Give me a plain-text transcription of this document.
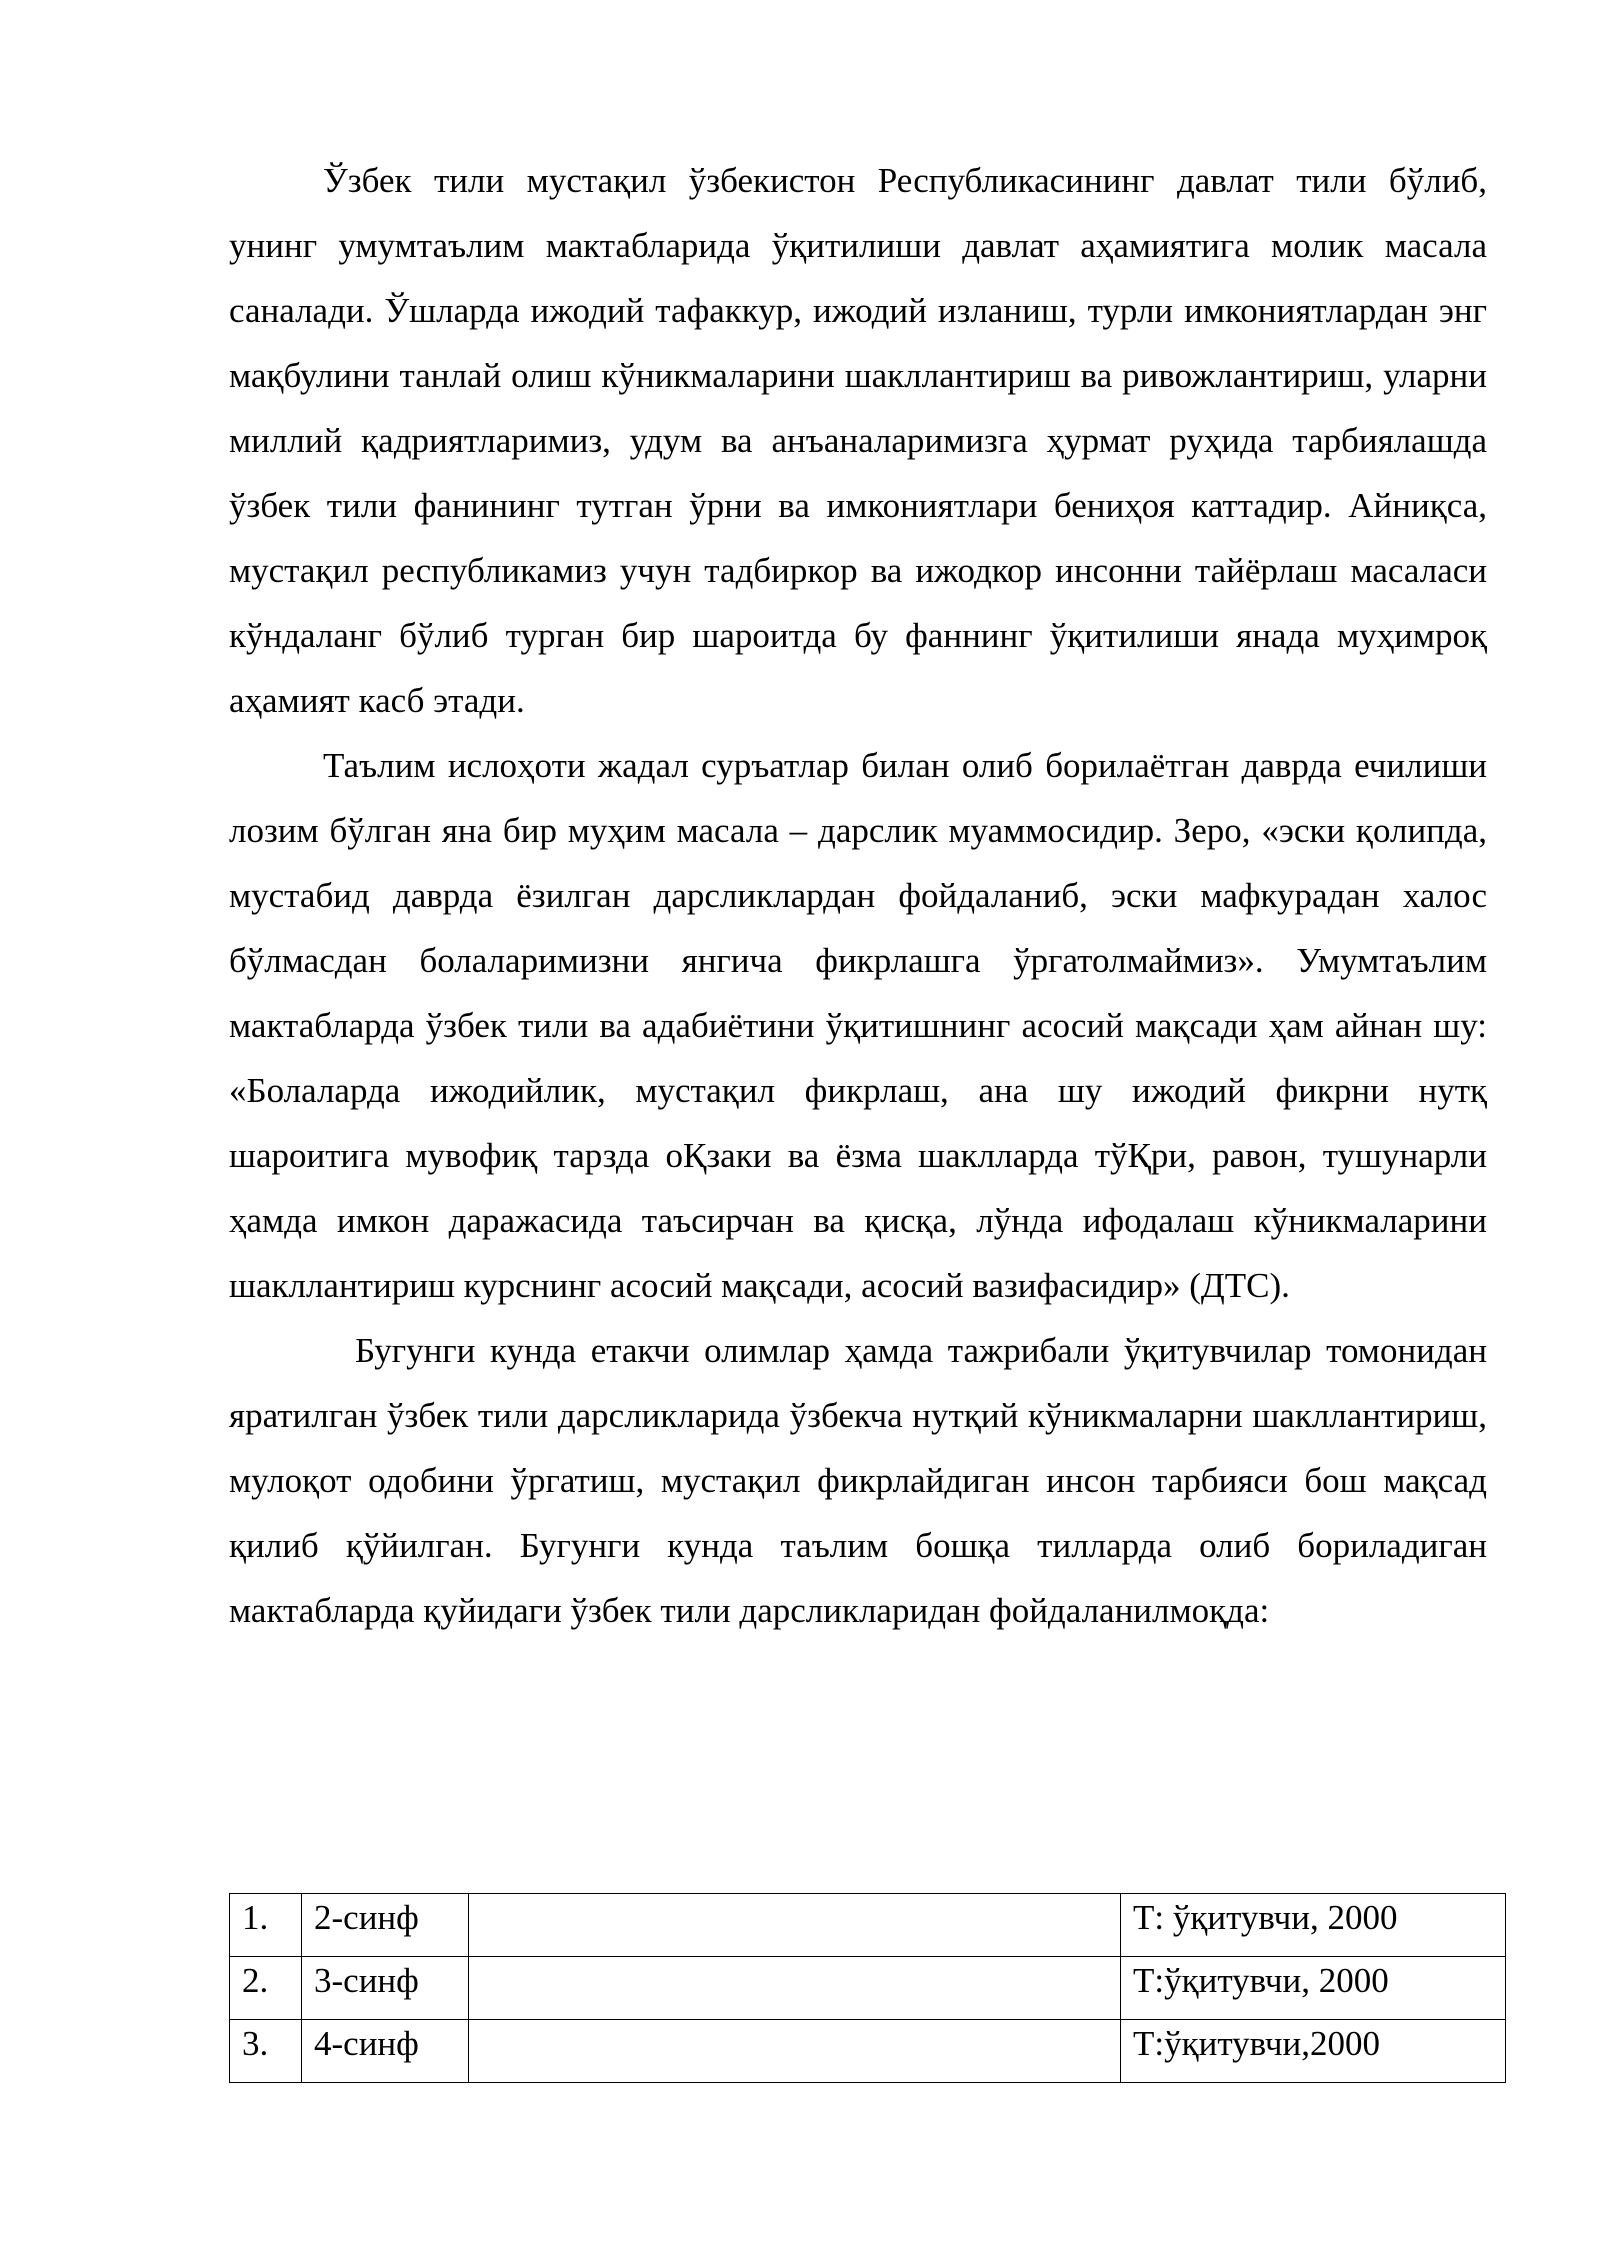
Ўзбек тили мустақил ўзбекистон Республикасининг давлат тили бўлиб, унинг умумтаълим мактабларида ўқитилиши давлат аҳамиятига молик масала саналади. Ўшларда ижодий тафаккур, ижодий изланиш, турли имкониятлардан энг мақбулини танлай олиш кўникмаларини шакллантириш ва ривожлантириш, уларни миллий қадриятларимиз, удум ва анъаналаримизга ҳурмат руҳида тарбиялашда ўзбек тили фанининг тутган ўрни ва имкониятлари бениҳоя каттадир. Айниқса, мустақил республикамиз учун тадбиркор ва ижодкор инсонни тайёрлаш масаласи кўндаланг бўлиб турган бир шароитда бу фаннинг ўқитилиши янада муҳимроқ аҳамият касб этади.

Таълим ислоҳоти жадал суръатлар билан олиб борилаётган даврда ечилиши лозим бўлган яна бир муҳим масала – дарслик муаммосидир. Зеро, «эски қолипда, мустабид даврда ёзилган дарсликлардан фойдаланиб, эски мафкурадан халос бўлмасдан болаларимизни янгича фикрлашга ўргатолмаймиз». Умумтаълим мактабларда ўзбек тили ва адабиётини ўқитишнинг асосий мақсади ҳам айнан шу: «Болаларда ижодийлик, мустақил фикрлаш, ана шу ижодий фикрни нутқ шароитига мувофиқ тарзда оҚзаки ва ёзма шаклларда тўҚри, равон, тушунарли ҳамда имкон даражасида таъсирчан ва қисқа, лўнда ифодалаш кўникмаларини шакллантириш курснинг асосий мақсади, асосий вазифасидир» (ДТС).

Бугунги кунда етакчи олимлар ҳамда тажрибали ўқитувчилар томонидан яратилган ўзбек тили дарсликларида ўзбекча нутқий кўникмаларни шакллантириш, мулоқот одобини ўргатиш, мустақил фикрлайдиган инсон тарбияси бош мақсад қилиб қўйилган. Бугунги кунда таълим бошқа тилларда олиб бориладиган мактабларда қуйидаги ўзбек тили дарсликларидан фойдаланилмоқда:

1.	2-синф		Т: ўқитувчи, 2000
2.	3-синф		Т:ўқитувчи, 2000
3.	4-синф		Т:ўқитувчи,2000
